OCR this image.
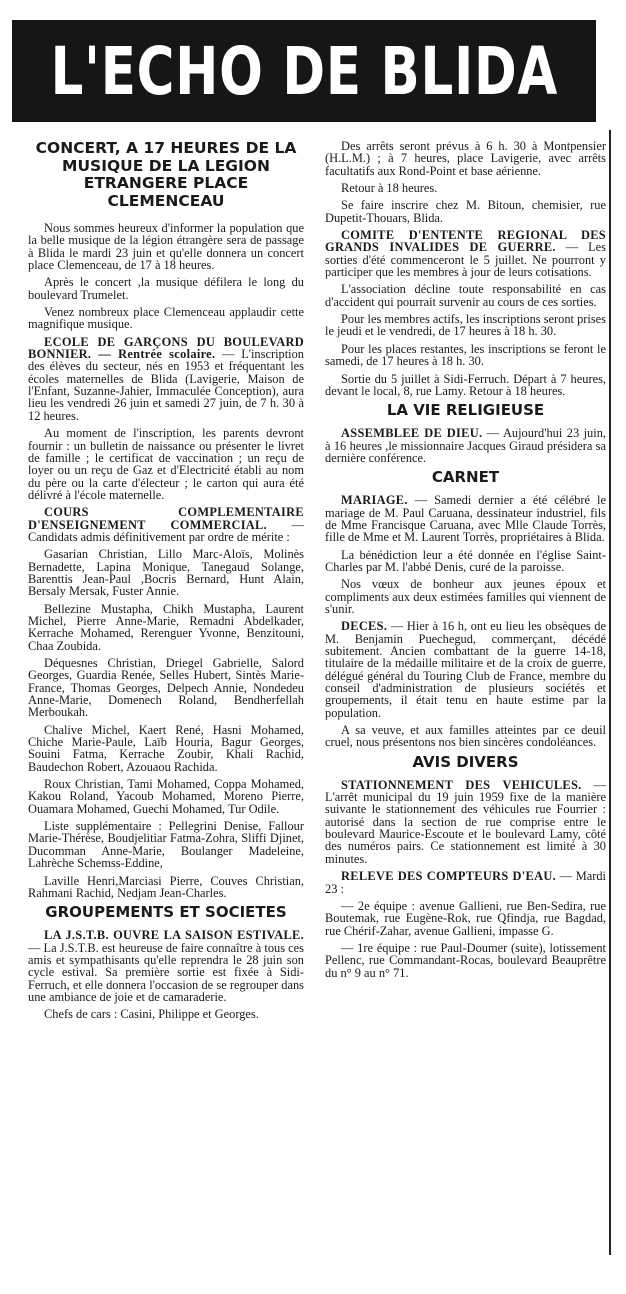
L'ECHO DE BLIDA
CONCERT, A 17 HEURES DE LA MUSIQUE DE LA LEGION ETRANGERE PLACE CLEMENCEAU
Nous sommes heureux d'informer la population que la belle musique de la légion étrangère sera de passage à Blida le mardi 23 juin et qu'elle donnera un concert place Clemenceau, de 17 à 18 heures.
Après le concert ,la musique défilera le long du boulevard Trumelet.
Venez nombreux place Clemenceau applaudir cette magnifique musique.
ECOLE DE GARÇONS DU BOULEVARD BONNIER. — Rentrée scolaire. — L'inscription des élèves du secteur, nés en 1953 et fréquentant les écoles maternelles de Blida (Lavigerie, Maison de l'Enfant, Suzanne-Jahier, Immaculée Conception), aura lieu les vendredi 26 juin et samedi 27 juin, de 7 h. 30 à 12 heures.
Au moment de l'inscription, les parents devront fournir : un bulletin de naissance ou présenter le livret de famille ; le certificat de vaccination ; un reçu de loyer ou un reçu de Gaz et d'Electricité établi au nom du père ou la carte d'électeur ; le carton qui aura été délivré à l'école maternelle.
COURS COMPLEMENTAIRE D'ENSEIGNEMENT COMMERCIAL. — Candidats admis définitivement par ordre de mérite :
Gasarian Christian, Lillo Marc-Aloïs, Molinès Bernadette, Lapina Monique, Tanegaud Solange, Barenttis Jean-Paul ,Bocris Bernard, Hunt Alain, Bersaly Mersak, Fuster Annie.
Bellezine Mustapha, Chikh Mustapha, Laurent Michel, Pierre Anne-Marie, Remadni Abdelkader, Kerrache Mohamed, Rerenguer Yvonne, Benzitouni, Chaa Zoubida.
Déquesnes Christian, Driegel Gabrielle, Salord Georges, Guardia Renée, Selles Hubert, Sintès Marie-France, Thomas Georges, Delpech Annie, Nondedeu Anne-Marie, Domenech Roland, Bendherfellah Merboukah.
Chalive Michel, Kaert René, Hasni Mohamed, Chiche Marie-Paule, Laïb Houria, Bagur Georges, Souini Fatma, Kerrache Zoubir, Khali Rachid, Baudechon Robert, Azouaou Rachida.
Roux Christian, Tami Mohamed, Coppa Mohamed, Kakou Roland, Yacoub Mohamed, Moreno Pierre, Ouamara Mohamed, Guechi Mohamed, Tur Odile.
Liste supplémentaire : Pellegrini Denise, Fallour Marie-Thérèse, Boudjelitiar Fatma-Zohra, Sliffi Djinet, Ducomman Anne-Marie, Boulanger Madeleine, Lahrèche Schemss-Eddine,
Laville Henri,Marciasi Pierre, Couves Christian, Rahmani Rachid, Nedjam Jean-Charles.
GROUPEMENTS ET SOCIETES
LA J.S.T.B. OUVRE LA SAISON ESTIVALE. — La J.S.T.B. est heureuse de faire connaître à tous ces amis et sympathisants qu'elle reprendra le 28 juin son cycle estival. Sa première sortie est fixée à Sidi-Ferruch, et elle donnera l'occasion de se regrouper dans une ambiance de joie et de camaraderie.
Chefs de cars : Casini, Philippe et Georges.
Des arrêts seront prévus à 6 h. 30 à Montpensier (H.L.M.) ; à 7 heures, place Lavigerie, avec arrêts facultatifs aux Rond-Point et base aérienne.
Retour à 18 heures.
Se faire inscrire chez M. Bitoun, chemisier, rue Dupetit-Thouars, Blida.
COMITE D'ENTENTE REGIONAL DES GRANDS INVALIDES DE GUERRE. — Les sorties d'été commenceront le 5 juillet. Ne pourront y participer que les membres à jour de leurs cotisations.
L'association décline toute responsabilité en cas d'accident qui pourrait survenir au cours de ces sorties.
Pour les membres actifs, les inscriptions seront prises le jeudi et le vendredi, de 17 heures à 18 h. 30.
Pour les places restantes, les inscriptions se feront le samedi, de 17 heures à 18 h. 30.
Sortie du 5 juillet à Sidi-Ferruch. Départ à 7 heures, devant le local, 8, rue Lamy. Retour à 18 heures.
LA VIE RELIGIEUSE
ASSEMBLEE DE DIEU. — Aujourd'hui 23 juin, à 16 heures ,le missionnaire Jacques Giraud présidera sa dernière conférence.
CARNET
MARIAGE. — Samedi dernier a été célébré le mariage de M. Paul Caruana, dessinateur industriel, fils de Mme Francisque Caruana, avec Mlle Claude Torrès, fille de Mme et M. Laurent Torrès, propriétaires à Blida.
La bénédiction leur a été donnée en l'église Saint-Charles par M. l'abbé Denis, curé de la paroisse.
Nos vœux de bonheur aux jeunes époux et compliments aux deux estimées familles qui viennent de s'unir.
DECES. — Hier à 16 h, ont eu lieu les obsèques de M. Benjamin Puechegud, commerçant, décédé subitement. Ancien combattant de la guerre 14-18, titulaire de la médaille militaire et de la croix de guerre, délégué général du Touring Club de France, membre du conseil d'administration de plusieurs sociétés et groupements, il était tenu en haute estime par la population.
A sa veuve, et aux familles atteintes par ce deuil cruel, nous présentons nos bien sincères condoléances.
AVIS DIVERS
STATIONNEMENT DES VEHICULES. — L'arrêt municipal du 19 juin 1959 fixe de la manière suivante le stationnement des véhicules rue Fourrier : autorisé dans la section de rue comprise entre le boulevard Maurice-Escoute et le boulevard Lamy, côté des numéros pairs. Ce stationnement est limité à 30 minutes.
RELEVE DES COMPTEURS D'EAU. — Mardi 23 :
— 2e équipe : avenue Gallieni, rue Ben-Sedira, rue Boutemak, rue Eugène-Rok, rue Qfindja, rue Bagdad, rue Chérif-Zahar, avenue Gallieni, impasse G.
— 1re équipe : rue Paul-Doumer (suite), lotissement Pellenc, rue Commandant-Rocas, boulevard Beauprêtre du n° 9 au n° 71.
